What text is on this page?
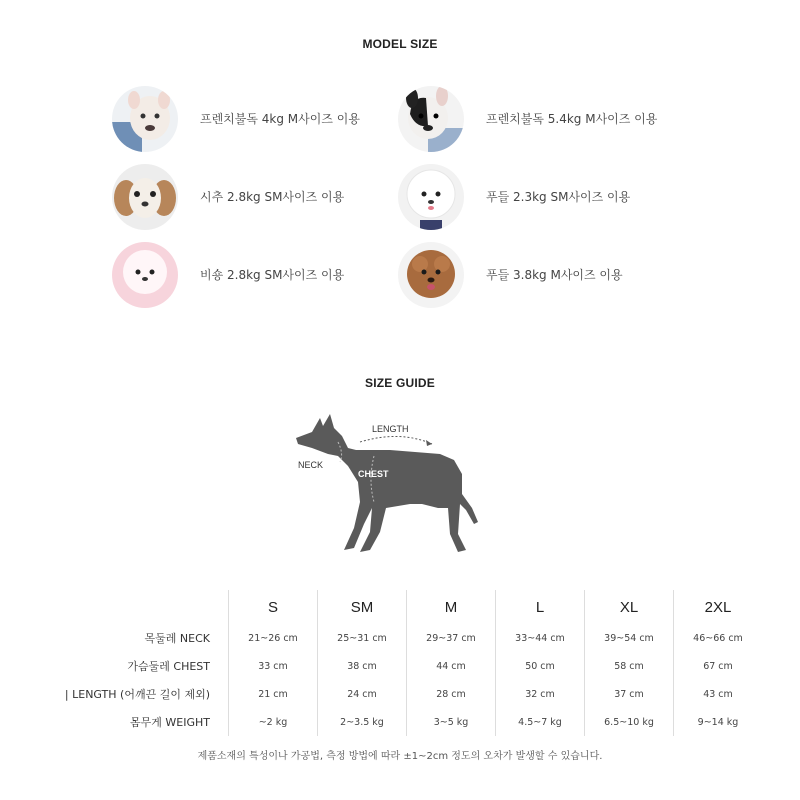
MODEL SIZE
프렌치불독 4kg M사이즈 이용	프렌치불독 5.4kg M사이즈 이용
시추 2.8kg SM사이즈 이용	푸들 2.3kg SM사이즈 이용
비숑 2.8kg SM사이즈 이용	푸들 3.8kg M사이즈 이용
SIZE GUIDE
LENGTH
NECK
CHEST
	S	SM	M	L	XL	2XL
목둘레 NECK	21~26 cm	25~31 cm	29~37 cm	33~44 cm	39~54 cm	46~66 cm
가슴둘레 CHEST	33 cm	38 cm	44 cm	50 cm	58 cm	67 cm
| LENGTH (어깨끈 길이 제외)	21 cm	24 cm	28 cm	32 cm	37 cm	43 cm
몸무게 WEIGHT	~2 kg	2~3.5 kg	3~5 kg	4.5~7 kg	6.5~10 kg	9~14 kg
제품소재의 특성이나 가공법, 측정 방법에 따라 ±1~2cm 정도의 오차가 발생할 수 있습니다.
